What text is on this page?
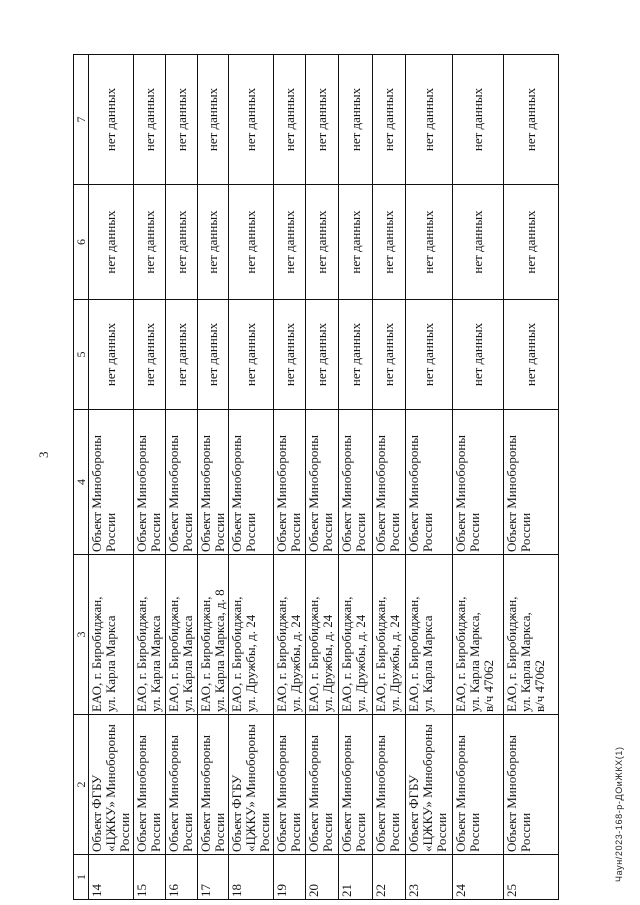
3
1	2	3	4	5	6	7
14	Объект ФГБУ
«ЦЖКУ» Минобороны
России	ЕАО, г. Биробиджан,
ул. Карла Маркса	Объект Минобороны
России	нет данных	нет данных	нет данных
15	Объект Минобороны
России	ЕАО, г. Биробиджан,
ул. Карла Маркса	Объект Минобороны
России	нет данных	нет данных	нет данных
16	Объект Минобороны
России	ЕАО, г. Биробиджан,
ул. Карла Маркса	Объект Минобороны
России	нет данных	нет данных	нет данных
17	Объект Минобороны
России	ЕАО, г. Биробиджан,
ул. Карла Маркса, д. 8	Объект Минобороны
России	нет данных	нет данных	нет данных
18	Объект ФГБУ
«ЦЖКУ» Минобороны
России	ЕАО, г. Биробиджан,
ул. Дружбы, д. 24	Объект Минобороны
России	нет данных	нет данных	нет данных
19	Объект Минобороны
России	ЕАО, г. Биробиджан,
ул. Дружбы, д. 24	Объект Минобороны
России	нет данных	нет данных	нет данных
20	Объект Минобороны
России	ЕАО, г. Биробиджан,
ул. Дружбы, д. 24	Объект Минобороны
России	нет данных	нет данных	нет данных
21	Объект Минобороны
России	ЕАО, г. Биробиджан,
ул. Дружбы, д. 24	Объект Минобороны
России	нет данных	нет данных	нет данных
22	Объект Минобороны
России	ЕАО, г. Биробиджан,
ул. Дружбы, д. 24	Объект Минобороны
России	нет данных	нет данных	нет данных
23	Объект ФГБУ
«ЦЖКУ» Минобороны
России	ЕАО, г. Биробиджан,
ул. Карла Маркса	Объект Минобороны
России	нет данных	нет данных	нет данных
24	Объект Минобороны
России	ЕАО, г. Биробиджан,
ул. Карла Маркса,
в/ч 47062	Объект Минобороны
России	нет данных	нет данных	нет данных
25	Объект Минобороны
России	ЕАО, г. Биробиджан,
ул. Карла Маркса,
в/ч 47062	Объект Минобороны
России	нет данных	нет данных	нет данных
Чаун/2023-168-р-ДОиЖКХ(1)
